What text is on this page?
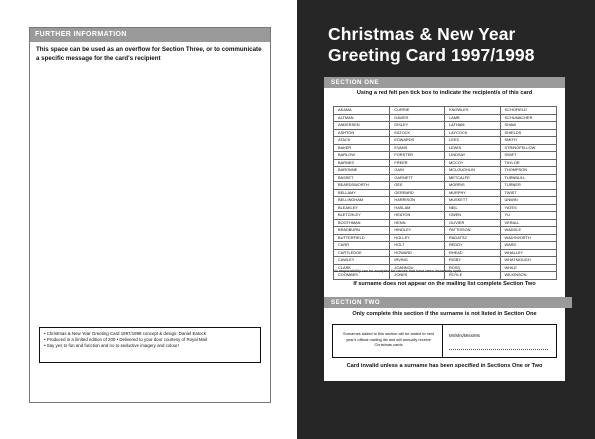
FURTHER INFORMATION
This space can be used as an overflow for Section Three, or to communicate a specific message for the card's recipient
• Christmas & New Year Greeting Card 1997/1998 concept & design: Daniel Eatock
• Produced in a limited edition of 200 • Delivered to your door courtesy of Royal Mail
• Say yes to fun and function and no to seductive imagery and colour!
Christmas & New Year
Greeting Card 1997/1998
SECTION ONE
Using a red felt pen tick box to indicate the recipient/s of this card
AKAMA	CURRIE	KNOWLES	SCHOFIELD
ALTMAN	DAVIES	LAMB	SCHUMACHER
ANDERSEN	DISLEY	LATHAM	SHAW
ASHTON	EATOCK	LAYCOCK	SHIELDS
ATACK	EDWARDS	LEES	SMITH
BAKER	EVANS	LEWIS	STRINGFELLOW
BARLOW	FORSTER	LINDSAY	SWIFT
BARNES	FREER	MCCOY	TAYLOR
BARONNE	GAIN	MCLOUGHLIN	THOMPSON
BASSET	GARNETT	METCALFE	TURNBULL
BEARDSWORTH	GEE	MORRIS	TURNER
BELLAMY	GERRARD	MURPHY	TWIST
BELLINGHAM	HARRISON	MUSKETT	UNWIN
BLEAKLEY	HASLAM	NEIL	YATES
BLETCHLEY	HEATON	OWEN	YU
BOOTHMAN	HENN	OLIVIER	VERALL
BRADBURN	HINDLEY	PATTISSON	WADDLE
BUTTERFIELD	HOLLEY	RADATSZ	WADSWORTH
CARR	HOLT	REDDY	WARD
CARTLEDGE	HOWARD	RHEAD	WHALLEY
CAWLEY	IRVING	RIGBY	WHATMOUGH
CLARK	JOANNOU	ROSS	WHILE
COOMBES	JONES	ROYLE	WILKINSON
No responsibility can be accepted for names that have been incorrectly spelt
If surname does not appear on the mailing list complete Section Two
SECTION TWO
Only complete this section if the surname is not listed in Section One
Surnames added to this section will be added to next year's official mailing list and will annually receive Christmas cards
Mr/Mrs/Miss/Ms
Card invalid unless a surname has been specified in Sections One or Two
